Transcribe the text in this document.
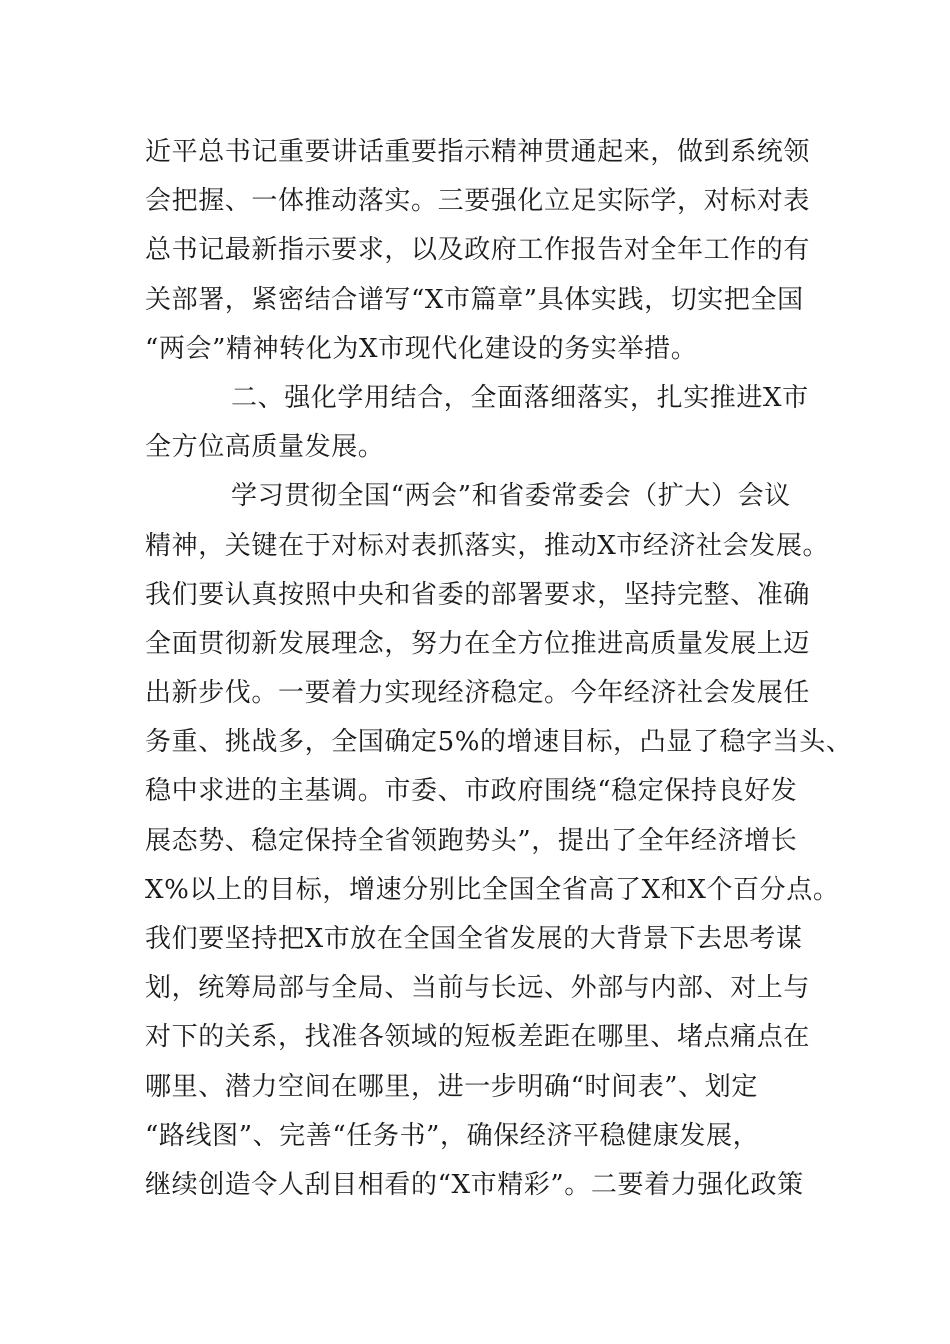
近平总书记重要讲话重要指示精神贯通起来，做到系统领
会把握、一体推动落实。三要强化立足实际学，对标对表
总书记最新指示要求，以及政府工作报告对全年工作的有
关部署，紧密结合谱写“X市篇章”具体实践，切实把全国
“两会”精神转化为X市现代化建设的务实举措。
二、强化学用结合，全面落细落实，扎实推进X市
全方位高质量发展。
学习贯彻全国“两会”和省委常委会（扩大）会议
精神，关键在于对标对表抓落实，推动X市经济社会发展。
我们要认真按照中央和省委的部署要求，坚持完整、准确
全面贯彻新发展理念，努力在全方位推进高质量发展上迈
出新步伐。一要着力实现经济稳定。今年经济社会发展任
务重、挑战多，全国确定5%的增速目标，凸显了稳字当头、
稳中求进的主基调。市委、市政府围绕“稳定保持良好发
展态势、稳定保持全省领跑势头”，提出了全年经济增长
X%以上的目标，增速分别比全国全省高了X和X个百分点。
我们要坚持把X市放在全国全省发展的大背景下去思考谋
划，统筹局部与全局、当前与长远、外部与内部、对上与
对下的关系，找准各领域的短板差距在哪里、堵点痛点在
哪里、潜力空间在哪里，进一步明确“时间表”、划定
“路线图”、完善“任务书”，确保经济平稳健康发展，
继续创造令人刮目相看的“X市精彩”。二要着力强化政策
